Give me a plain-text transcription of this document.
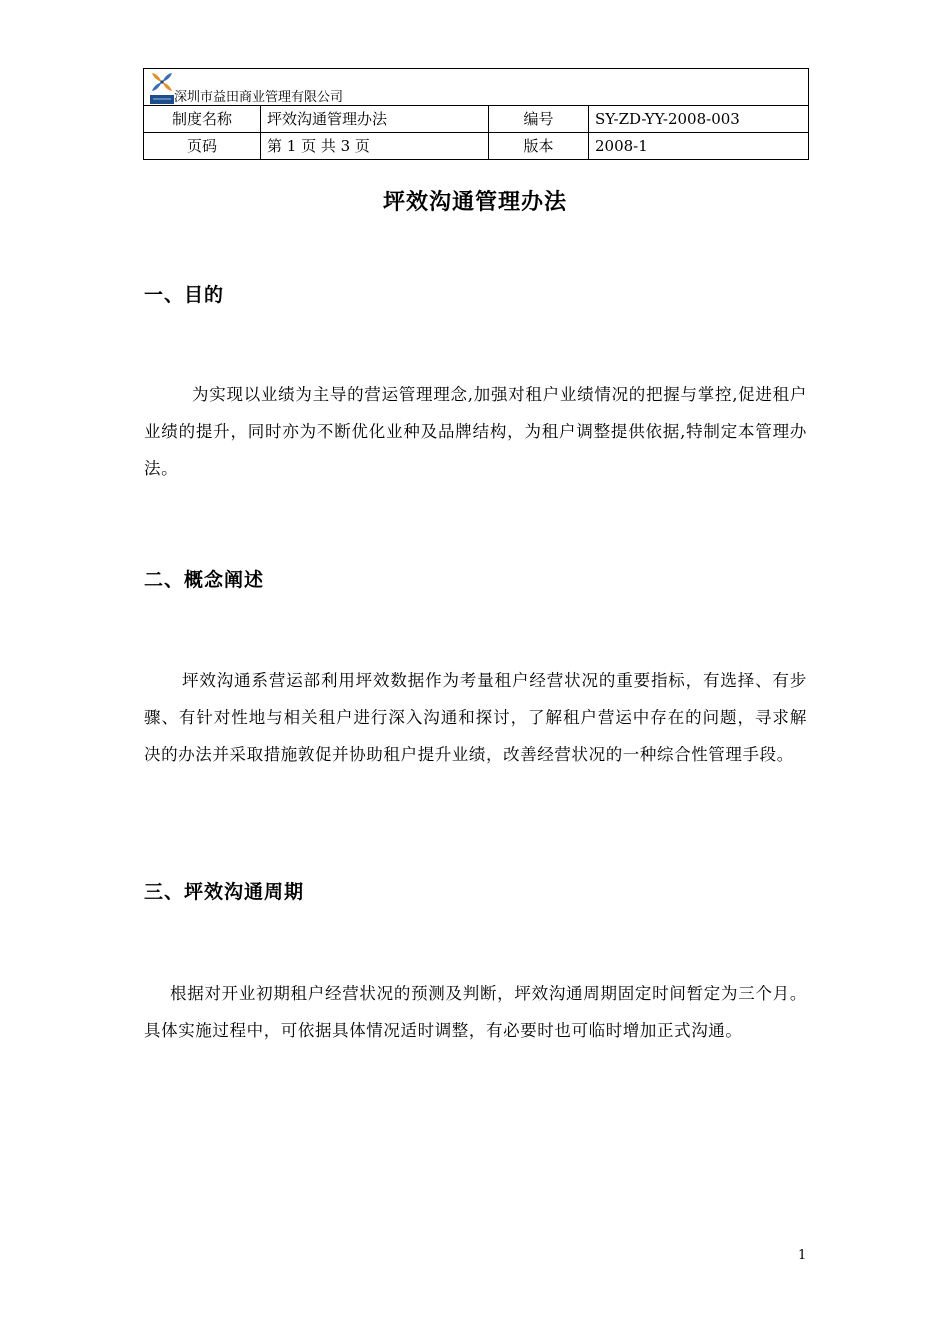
深圳市益田商业管理有限公司			

制度名称	坪效沟通管理办法	编号	SY-ZD-YY-2008-003
页码	第 1 页 共 3 页	版本	2008-1
坪效沟通管理办法
一、目的
为实现以业绩为主导的营运管理理念,加强对租户业绩情况的把握与掌控,促进租户业绩的提升，同时亦为不断优化业种及品牌结构，为租户调整提供依据,特制定本管理办法。
二、概念阐述
坪效沟通系营运部利用坪效数据作为考量租户经营状况的重要指标，有选择、有步骤、有针对性地与相关租户进行深入沟通和探讨，了解租户营运中存在的问题，寻求解决的办法并采取措施敦促并协助租户提升业绩，改善经营状况的一种综合性管理手段。
三、坪效沟通周期
根据对开业初期租户经营状况的预测及判断，坪效沟通周期固定时间暂定为三个月。具体实施过程中，可依据具体情况适时调整，有必要时也可临时增加正式沟通。
1
